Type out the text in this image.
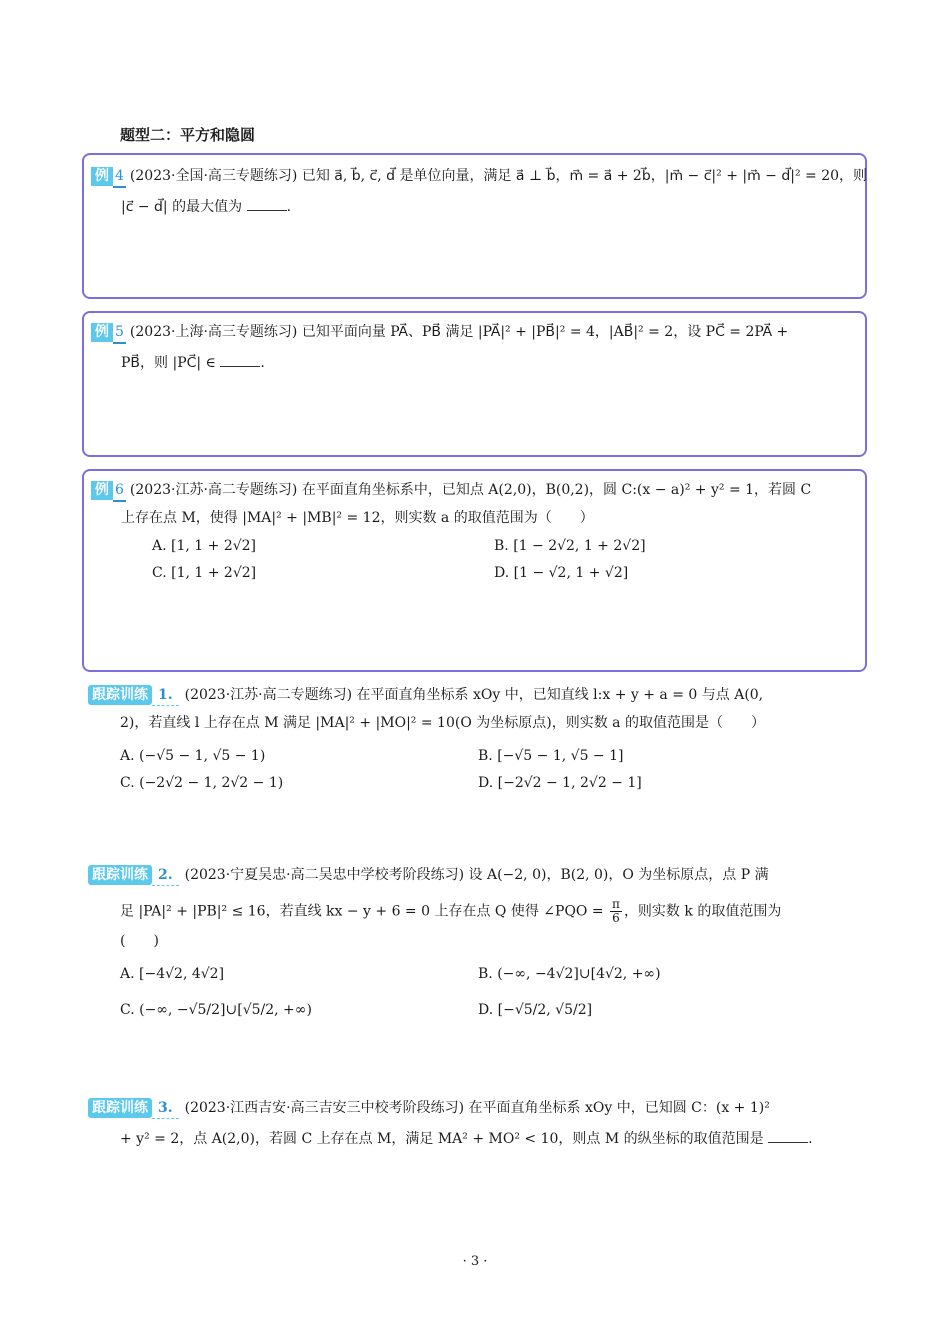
题型二：平方和隐圆
例 4 (2023·全国·高三专题练习) 已知 a⃗, b⃗, c⃗, d⃗ 是单位向量，满足 a⃗ ⊥ b⃗，m⃗ = a⃗ + 2b⃗，|m⃗ − c⃗|² + |m⃗ − d⃗|² = 20，则
|c⃗ − d⃗| 的最大值为	.
例 5 (2023·上海·高三专题练习) 已知平面向量 PA⃗、PB⃗ 满足 |PA⃗|² + |PB⃗|² = 4，|AB⃗|² = 2，设 PC⃗ = 2PA⃗ +
PB⃗，则 |PC⃗| ∈	.
例 6 (2023·江苏·高二专题练习) 在平面直角坐标系中，已知点 A(2,0)，B(0,2)，圆 C:(x − a)² + y² = 1，若圆 C
上存在点 M，使得 |MA|² + |MB|² = 12，则实数 a 的取值范围为（　　）
A. [1, 1 + 2√2]	B. [1 − 2√2, 1 + 2√2]
C. [1, 1 + 2√2]	D. [1 − √2, 1 + √2]
跟踪训练 1. (2023·江苏·高二专题练习) 在平面直角坐标系 xOy 中，已知直线 l:x + y + a = 0 与点 A(0,
2)，若直线 l 上存在点 M 满足 |MA|² + |MO|² = 10(O 为坐标原点)，则实数 a 的取值范围是（　　）
A. (−√5 − 1, √5 − 1)	B. [−√5 − 1, √5 − 1]
C. (−2√2 − 1, 2√2 − 1)	D. [−2√2 − 1, 2√2 − 1]
跟踪训练 2. (2023·宁夏吴忠·高二吴忠中学校考阶段练习) 设 A(−2, 0)，B(2, 0)，O 为坐标原点，点 P 满
足 |PA|² + |PB|² ≤ 16，若直线 kx − y + 6 = 0 上存在点 Q 使得 ∠PQO = $\frac{\pi}{6}$ ，则实数 k 的取值范围为
(　　)
A. [−4√2, 4√2]	B. (−∞, −4√2]∪[4√2, +∞)
C. (−∞, −√5/2]∪[√5/2, +∞)	D. [−√5/2, √5/2]
跟踪训练 3. (2023·江西吉安·高三吉安三中校考阶段练习) 在平面直角坐标系 xOy 中，已知圆 C：(x + 1)²
+ y² = 2，点 A(2,0)，若圆 C 上存在点 M，满足 MA² + MO² < 10，则点 M 的纵坐标的取值范围是	.
· 3 ·
